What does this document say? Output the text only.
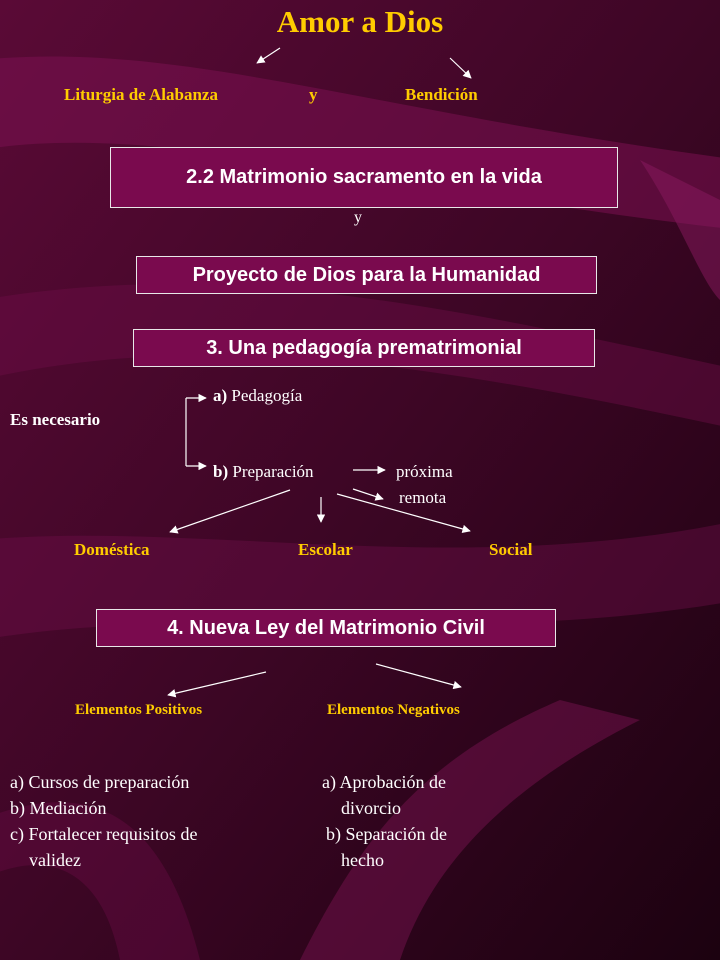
Amor a Dios
Liturgia de Alabanza	y	Bendición
2.2 Matrimonio sacramento en la vida
y
Proyecto de Dios para la Humanidad
3. Una pedagogía prematrimonial
a) Pedagogía
Es necesario
b) Preparación	próxima
remota
Doméstica	Escolar	Social
4. Nueva Ley del Matrimonio Civil
Elementos Positivos	Elementos Negativos
a) Cursos de preparación
b) Mediación
c) Fortalecer requisitos de
validez
a) Aprobación de
divorcio
b) Separación de
hecho
